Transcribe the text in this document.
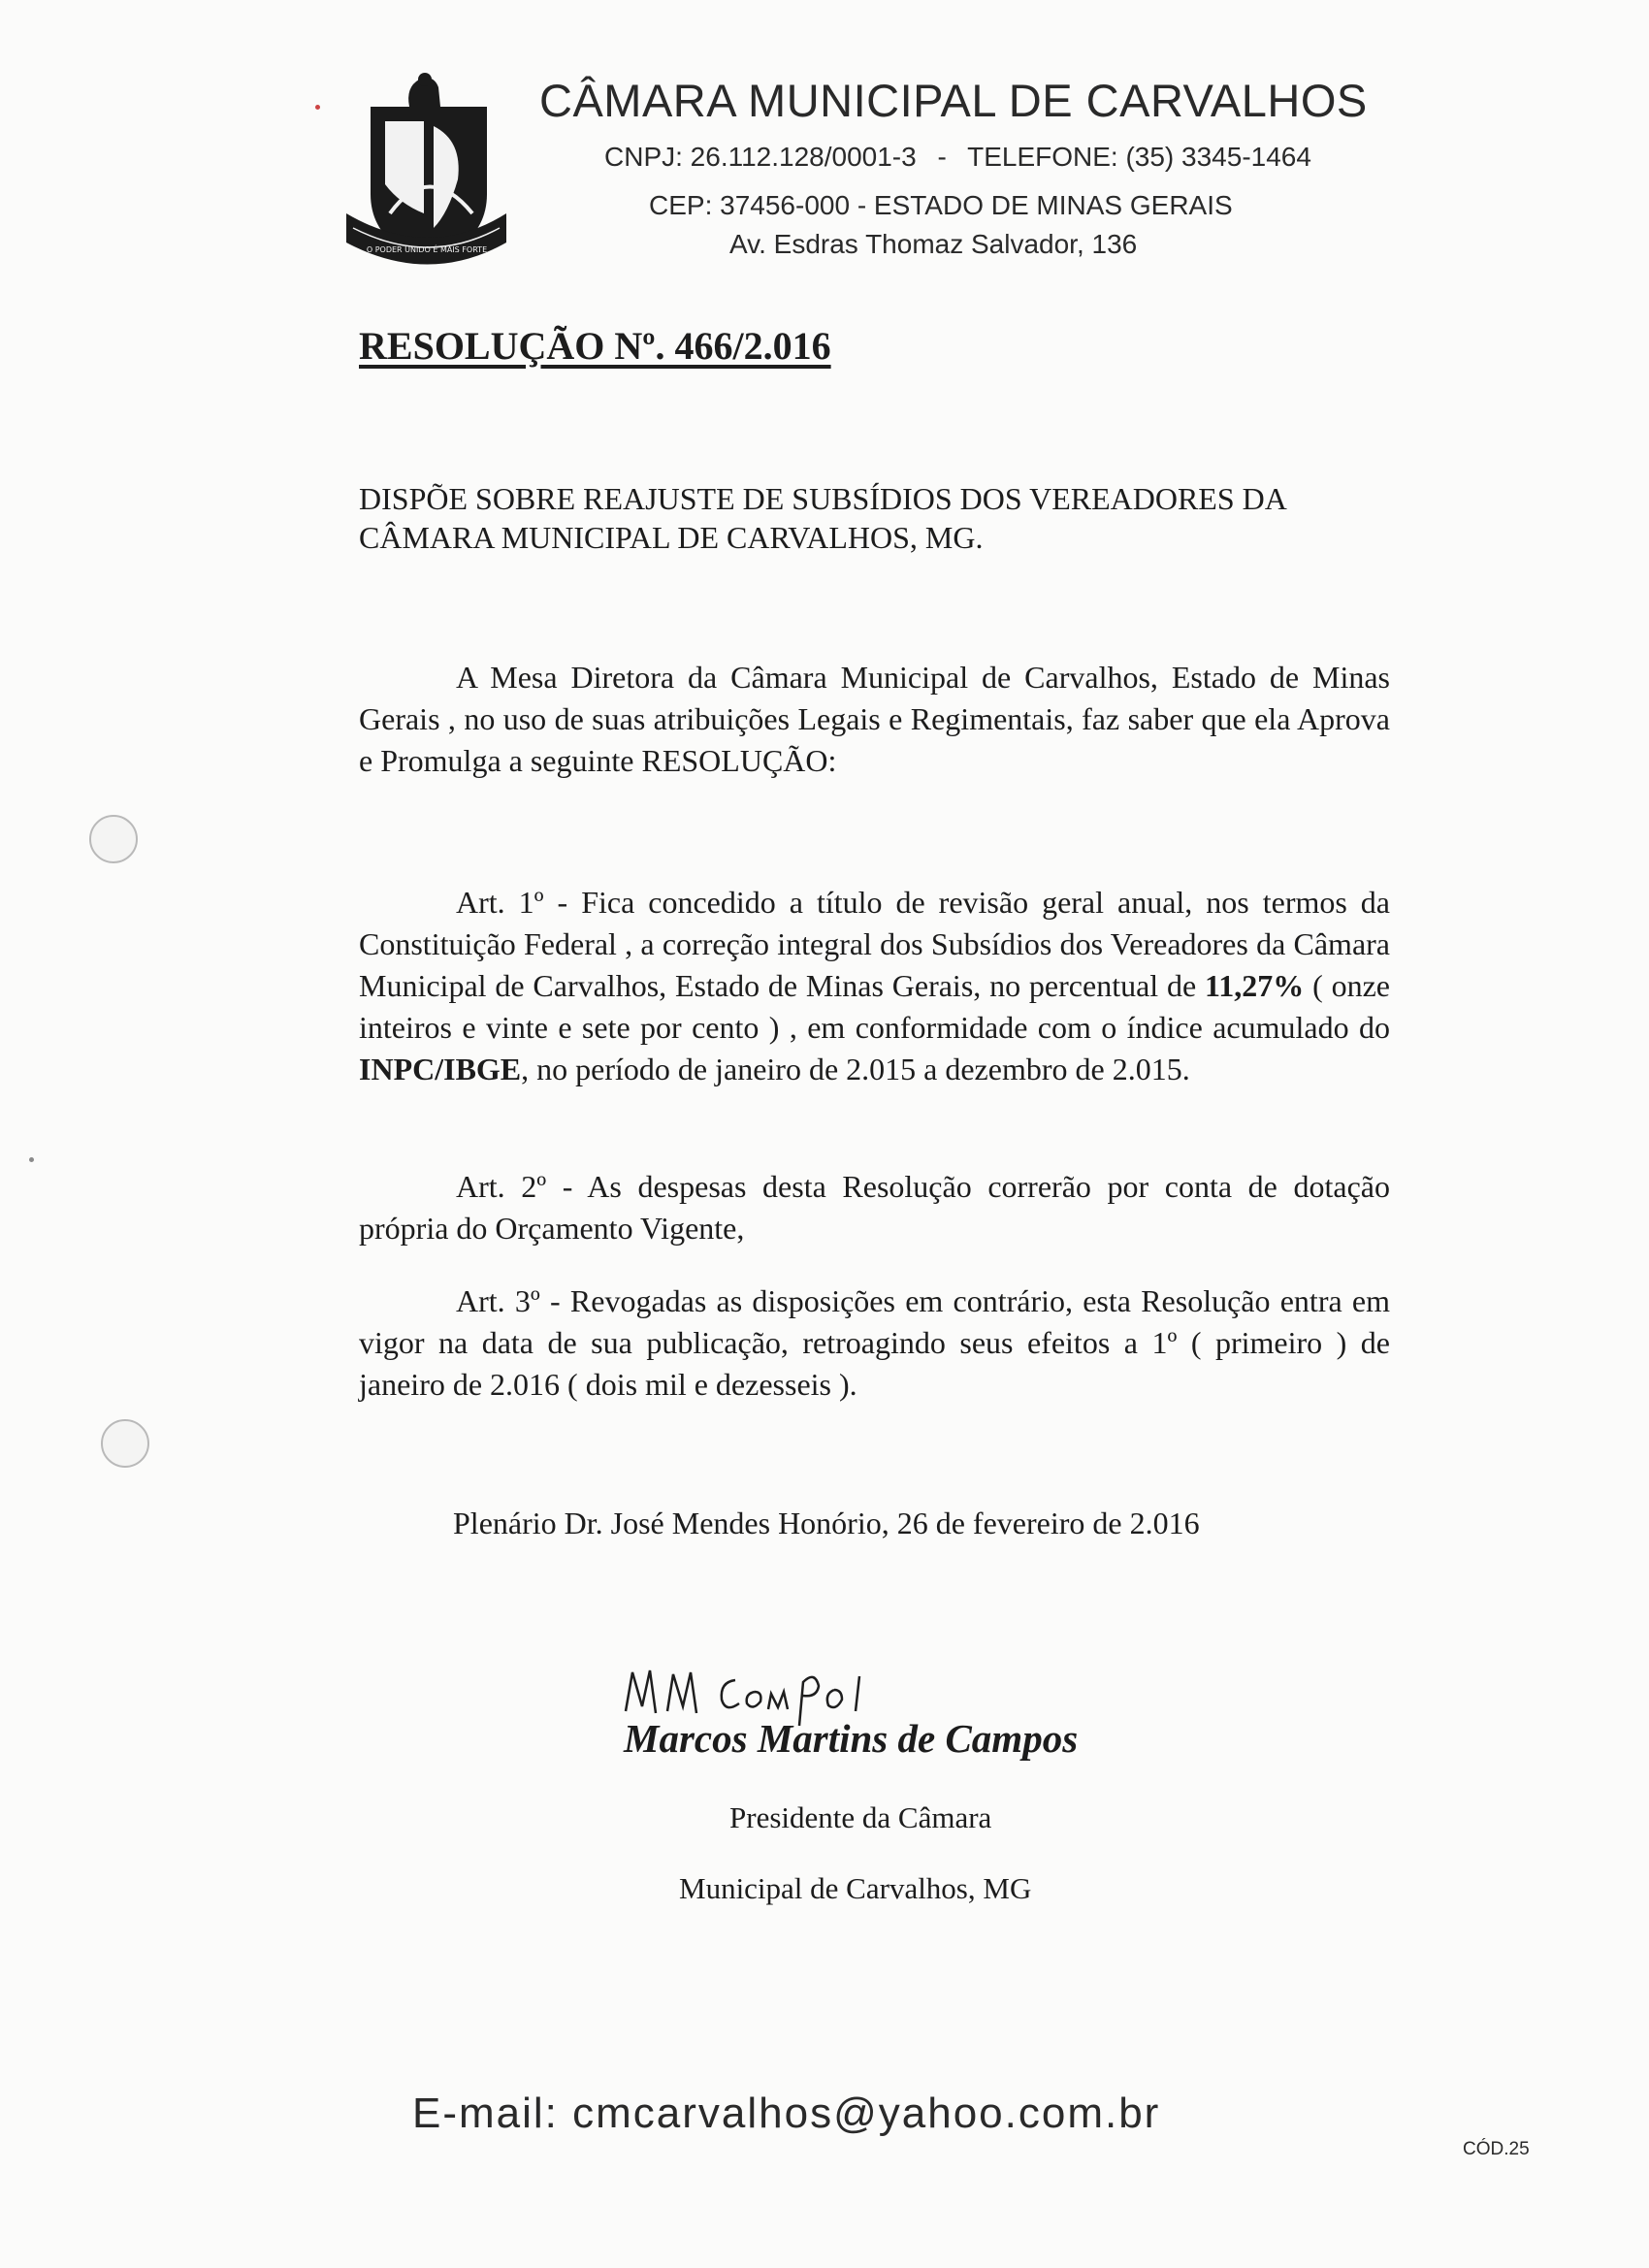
O PODER UNIDO É MAIS FORTE
CÂMARA MUNICIPAL DE CARVALHOS
CNPJ: 26.112.128/0001-3 - TELEFONE: (35) 3345-1464
CEP: 37456-000 - ESTADO DE MINAS GERAIS
Av. Esdras Thomaz Salvador, 136
RESOLUÇÃO Nº. 466/2.016
DISPÕE SOBRE REAJUSTE DE SUBSÍDIOS DOS VEREADORES DA CÂMARA MUNICIPAL DE CARVALHOS, MG.

A Mesa Diretora da Câmara Municipal de Carvalhos, Estado de Minas Gerais , no uso de suas atribuições Legais e Regimentais, faz saber que ela Aprova e Promulga a seguinte RESOLUÇÃO:

Art. 1º - Fica concedido a título de revisão geral anual, nos termos da Constituição Federal , a correção integral dos Subsídios dos Vereadores da Câmara Municipal de Carvalhos, Estado de Minas Gerais, no percentual de 11,27% ( onze inteiros e vinte e sete por cento ) , em conformidade com o índice acumulado do INPC/IBGE, no período de janeiro de 2.015 a dezembro de 2.015.

Art. 2º - As despesas desta Resolução correrão por conta de dotação própria do Orçamento Vigente,

Art. 3º - Revogadas as disposições em contrário, esta Resolução entra em vigor na data de sua publicação, retroagindo seus efeitos a 1º ( primeiro ) de janeiro de 2.016 ( dois mil e dezesseis ).

Plenário Dr. José Mendes Honório, 26 de fevereiro de 2.016
Marcos Martins de Campos
Presidente da Câmara
Municipal de Carvalhos, MG
E-mail: cmcarvalhos@yahoo.com.br
CÓD.25
